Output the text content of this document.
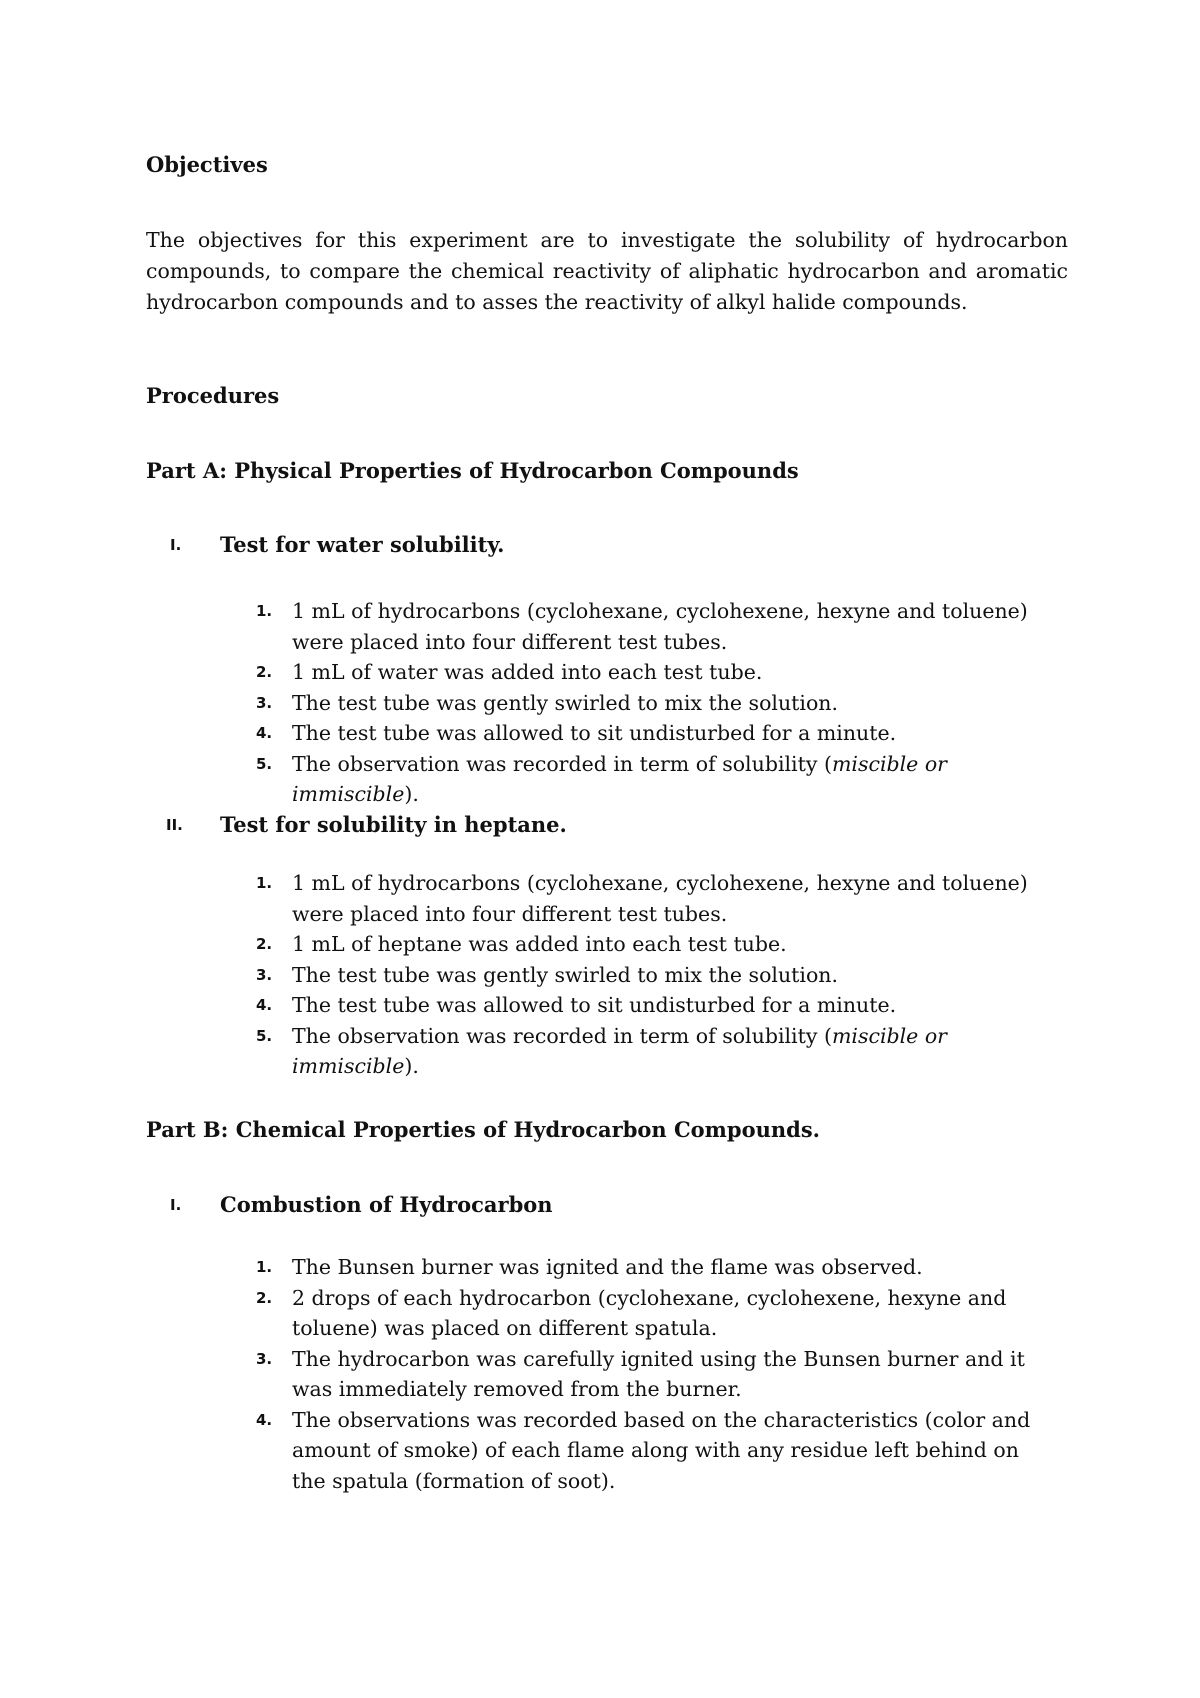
Objectives

The objectives for this experiment are to investigate the solubility of hydrocarbon compounds, to compare the chemical reactivity of aliphatic hydrocarbon and aromatic hydrocarbon compounds and to asses the reactivity of alkyl halide compounds.

Procedures
Part A: Physical Properties of Hydrocarbon Compounds
I. Test for water solubility.
1. 1 mL of hydrocarbons (cyclohexane, cyclohexene, hexyne and toluene) were placed into four different test tubes.
2. 1 mL of water was added into each test tube.
3. The test tube was gently swirled to mix the solution.
4. The test tube was allowed to sit undisturbed for a minute.
5. The observation was recorded in term of solubility (miscible or immiscible).
II. Test for solubility in heptane.
1. 1 mL of hydrocarbons (cyclohexane, cyclohexene, hexyne and toluene) were placed into four different test tubes.
2. 1 mL of heptane was added into each test tube.
3. The test tube was gently swirled to mix the solution.
4. The test tube was allowed to sit undisturbed for a minute.
5. The observation was recorded in term of solubility (miscible or immiscible).
Part B: Chemical Properties of Hydrocarbon Compounds.
I. Combustion of Hydrocarbon
1. The Bunsen burner was ignited and the flame was observed.
2. 2 drops of each hydrocarbon (cyclohexane, cyclohexene, hexyne and toluene) was placed on different spatula.
3. The hydrocarbon was carefully ignited using the Bunsen burner and it was immediately removed from the burner.
4. The observations was recorded based on the characteristics (color and amount of smoke) of each flame along with any residue left behind on the spatula (formation of soot).
